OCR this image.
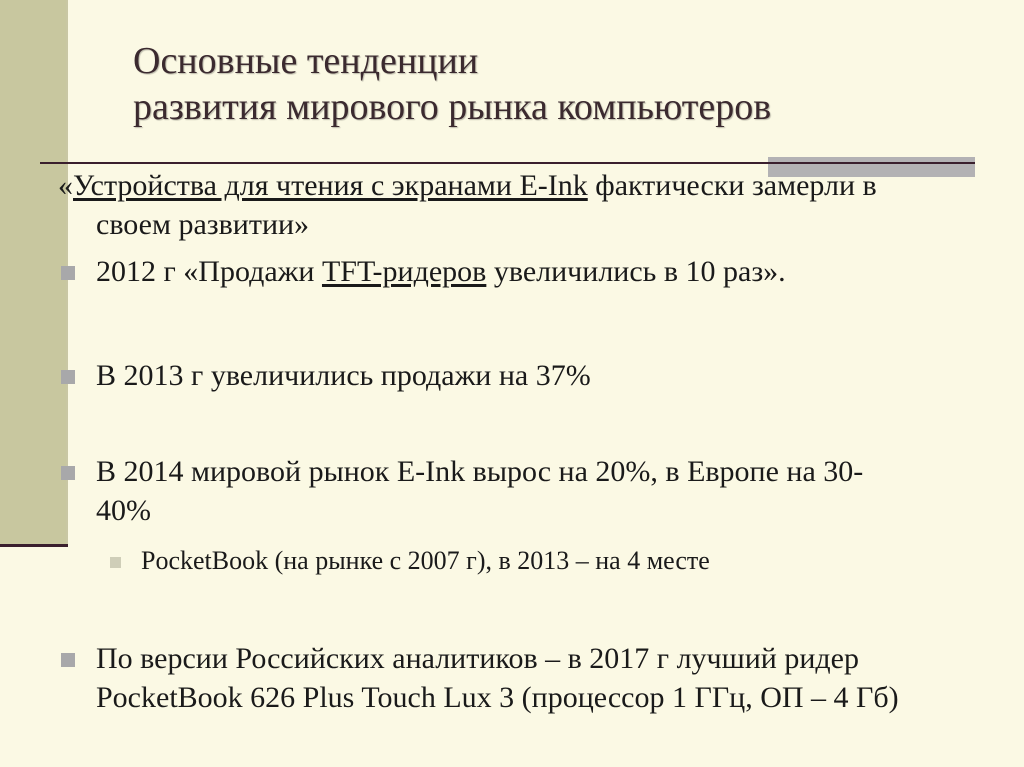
Основные тенденции
развития мирового рынка компьютеров
«Устройства для чтения с экранами E-Ink фактически замерли в
своем развитии»
2012 г «Продажи TFT-ридеров увеличились в 10 раз».
В 2013 г увеличились продажи на 37%
В 2014 мировой рынок E-Ink вырос на 20%, в Европе на 30-
40%
PocketBook (на рынке с 2007 г), в 2013 – на 4 месте
По версии Российских аналитиков – в 2017 г лучший ридер
PocketBook 626 Plus Touch Lux 3 (процессор 1 ГГц, ОП – 4 Гб)
